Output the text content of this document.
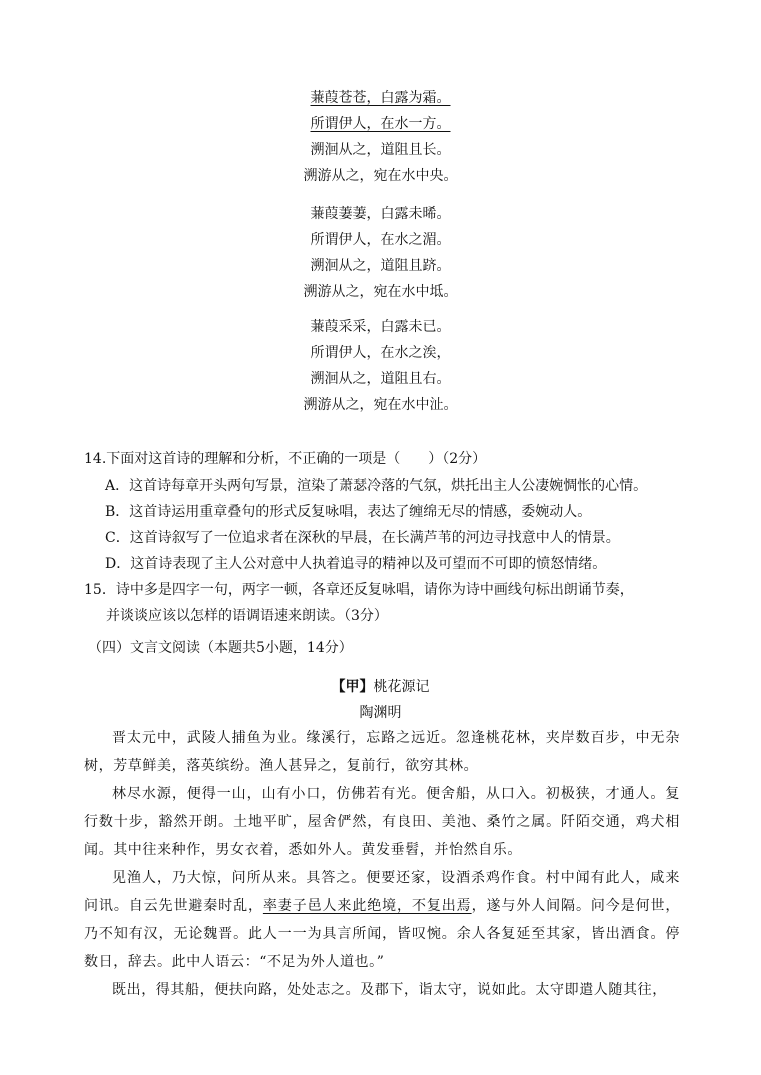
蒹葭苍苍，白露为霜。
所谓伊人，在水一方。
溯洄从之，道阻且长。
溯游从之，宛在水中央。
蒹葭萋萋，白露未晞。
所谓伊人，在水之湄。
溯洄从之，道阻且跻。
溯游从之，宛在水中坻。
蒹葭采采，白露未已。
所谓伊人，在水之涘，
溯洄从之，道阻且右。
溯游从之，宛在水中沚。
14.下面对这首诗的理解和分析，不正确的一项是（　　）（2分）
A．这首诗每章开头两句写景，渲染了萧瑟冷落的气氛，烘托出主人公凄婉惆怅的心情。
B．这首诗运用重章叠句的形式反复咏唱，表达了缠绵无尽的情感，委婉动人。
C．这首诗叙写了一位追求者在深秋的早晨，在长满芦苇的河边寻找意中人的情景。
D．这首诗表现了主人公对意中人执着追寻的精神以及可望而不可即的愤怒情绪。
15．诗中多是四字一句，两字一顿，各章还反复咏唱，请你为诗中画线句标出朗诵节奏，
并谈谈应该以怎样的语调语速来朗读。（3分）
（四）文言文阅读（本题共5小题，14分）
【甲】桃花源记
陶渊明

晋太元中，武陵人捕鱼为业。缘溪行，忘路之远近。忽逢桃花林，夹岸数百步，中无杂树，芳草鲜美，落英缤纷。渔人甚异之，复前行，欲穷其林。

林尽水源，便得一山，山有小口，仿佛若有光。便舍船，从口入。初极狭，才通人。复行数十步，豁然开朗。土地平旷，屋舍俨然，有良田、美池、桑竹之属。阡陌交通，鸡犬相闻。其中往来种作，男女衣着，悉如外人。黄发垂髫，并怡然自乐。

见渔人，乃大惊，问所从来。具答之。便要还家，设酒杀鸡作食。村中闻有此人，咸来问讯。自云先世避秦时乱，率妻子邑人来此绝境，不复出焉，遂与外人间隔。问今是何世，乃不知有汉，无论魏晋。此人一一为具言所闻，皆叹惋。余人各复延至其家，皆出酒食。停数日，辞去。此中人语云：“不足为外人道也。”

既出，得其船，便扶向路，处处志之。及郡下，诣太守，说如此。太守即遣人随其往，
